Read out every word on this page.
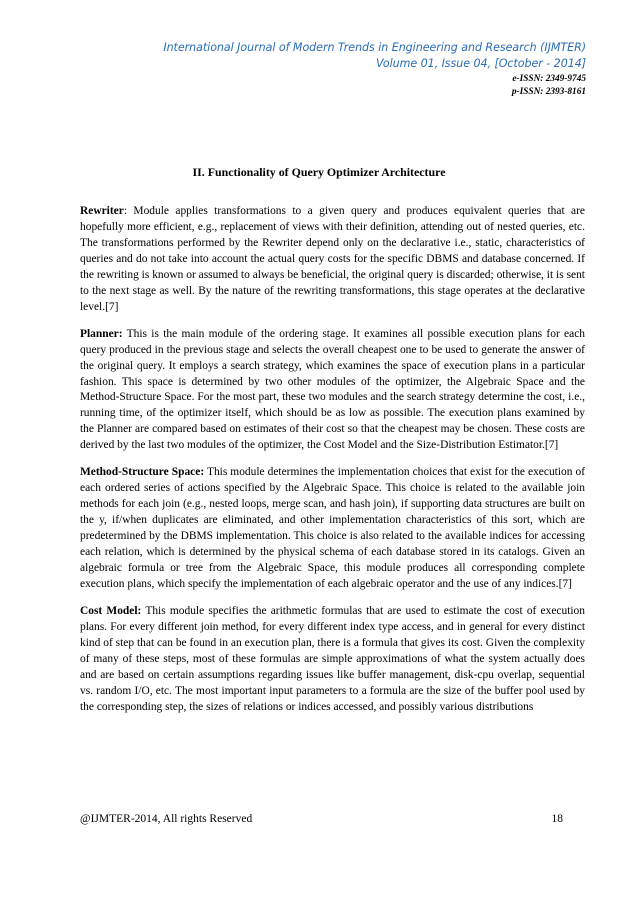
International Journal of Modern Trends in Engineering and Research (IJMTER)
Volume 01, Issue 04, [October - 2014]
e-ISSN: 2349-9745
p-ISSN: 2393-8161
II. Functionality of Query Optimizer Architecture

Rewriter: Module applies transformations to a given query and produces equivalent queries that are hopefully more efficient, e.g., replacement of views with their definition, attending out of nested queries, etc. The transformations performed by the Rewriter depend only on the declarative i.e., static, characteristics of queries and do not take into account the actual query costs for the specific DBMS and database concerned. If the rewriting is known or assumed to always be beneficial, the original query is discarded; otherwise, it is sent to the next stage as well. By the nature of the rewriting transformations, this stage operates at the declarative level.[7]

Planner: This is the main module of the ordering stage. It examines all possible execution plans for each query produced in the previous stage and selects the overall cheapest one to be used to generate the answer of the original query. It employs a search strategy, which examines the space of execution plans in a particular fashion. This space is determined by two other modules of the optimizer, the Algebraic Space and the Method-Structure Space. For the most part, these two modules and the search strategy determine the cost, i.e., running time, of the optimizer itself, which should be as low as possible. The execution plans examined by the Planner are compared based on estimates of their cost so that the cheapest may be chosen. These costs are derived by the last two modules of the optimizer, the Cost Model and the Size-Distribution Estimator.[7]

Method-Structure Space: This module determines the implementation choices that exist for the execution of each ordered series of actions specified by the Algebraic Space. This choice is related to the available join methods for each join (e.g., nested loops, merge scan, and hash join), if supporting data structures are built on the y, if/when duplicates are eliminated, and other implementation characteristics of this sort, which are predetermined by the DBMS implementation. This choice is also related to the available indices for accessing each relation, which is determined by the physical schema of each database stored in its catalogs. Given an algebraic formula or tree from the Algebraic Space, this module produces all corresponding complete execution plans, which specify the implementation of each algebraic operator and the use of any indices.[7]

Cost Model: This module specifies the arithmetic formulas that are used to estimate the cost of execution plans. For every different join method, for every different index type access, and in general for every distinct kind of step that can be found in an execution plan, there is a formula that gives its cost. Given the complexity of many of these steps, most of these formulas are simple approximations of what the system actually does and are based on certain assumptions regarding issues like buffer management, disk-cpu overlap, sequential vs. random I/O, etc. The most important input parameters to a formula are the size of the buffer pool used by the corresponding step, the sizes of relations or indices accessed, and possibly various distributions

@IJMTER-2014, All rights Reserved	18
